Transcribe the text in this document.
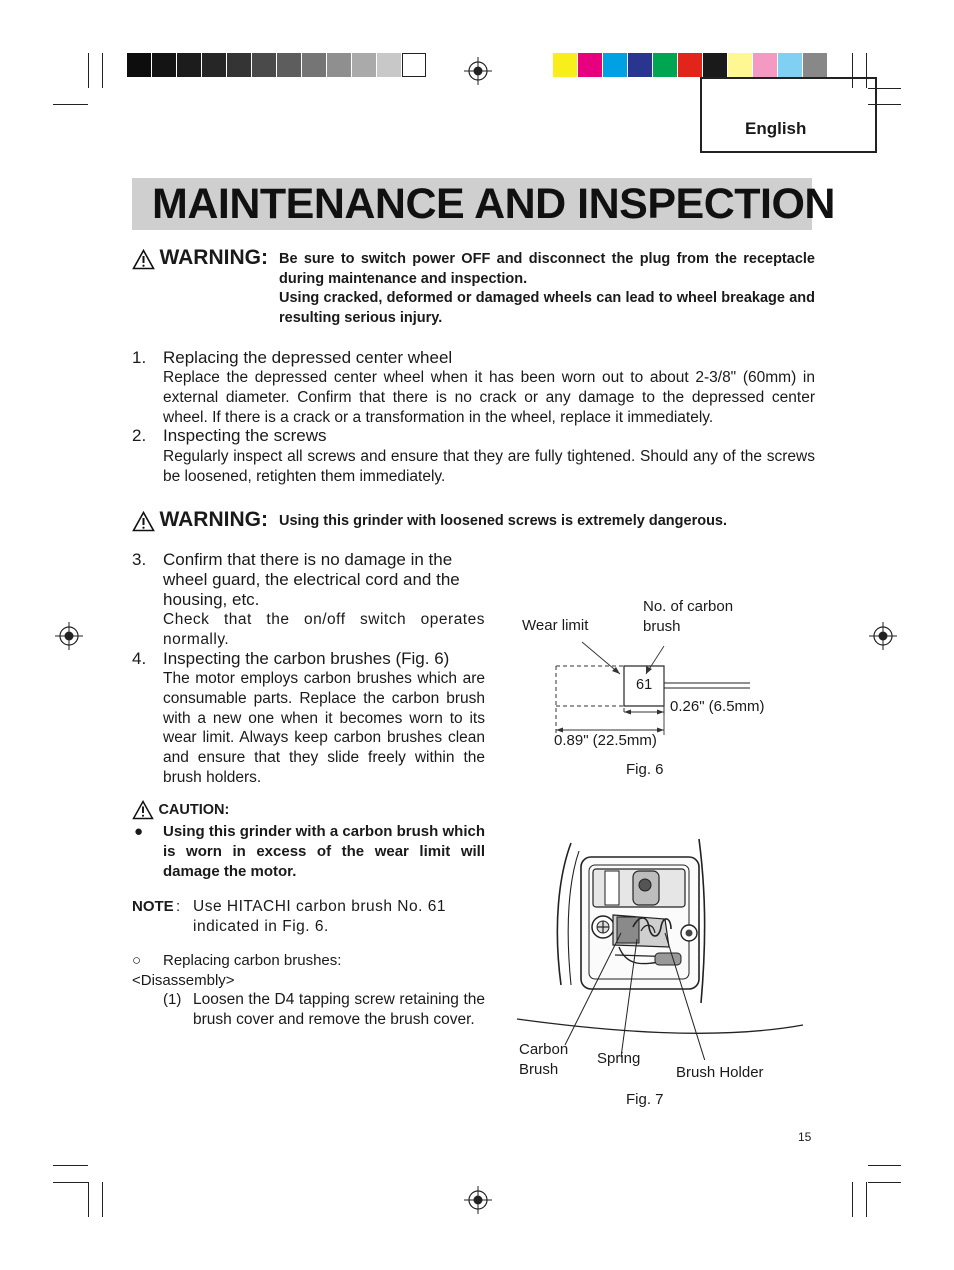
English
MAINTENANCE AND INSPECTION
WARNING: Be sure to switch power OFF and disconnect the plug from the receptacle during maintenance and inspection.
Using cracked, deformed or damaged wheels can lead to wheel breakage and resulting serious injury.
1. Replacing the depressed center wheel
Replace the depressed center wheel when it has been worn out to about 2-3/8" (60mm) in external diameter. Confirm that there is no crack or any damage to the depressed center wheel. If there is a crack or a transformation in the wheel, replace it immediately.
2. Inspecting the screws
Regularly inspect all screws and ensure that they are fully tightened. Should any of the screws be loosened, retighten them immediately.
WARNING: Using this grinder with loosened screws is extremely dangerous.
3. Confirm that there is no damage in the wheel guard, the electrical cord and the housing, etc.
Check that the on/off switch operates normally.
4. Inspecting the carbon brushes (Fig. 6)
The motor employs carbon brushes which are consumable parts. Replace the carbon brush with a new one when it becomes worn to its wear limit. Always keep carbon brushes clean and ensure that they slide freely within the brush holders.
CAUTION:
● Using this grinder with a carbon brush which is worn in excess of the wear limit will damage the motor.
NOTE : Use HITACHI carbon brush No. 61 indicated in Fig. 6.
○ Replacing carbon brushes:
<Disassembly>
(1) Loosen the D4 tapping screw retaining the brush cover and remove the brush cover.
Wear limit
No. of carbon brush
61
0.26" (6.5mm)
0.89" (22.5mm)
Fig. 6
Carbon Brush
Spring
Brush Holder
Fig. 7
15
